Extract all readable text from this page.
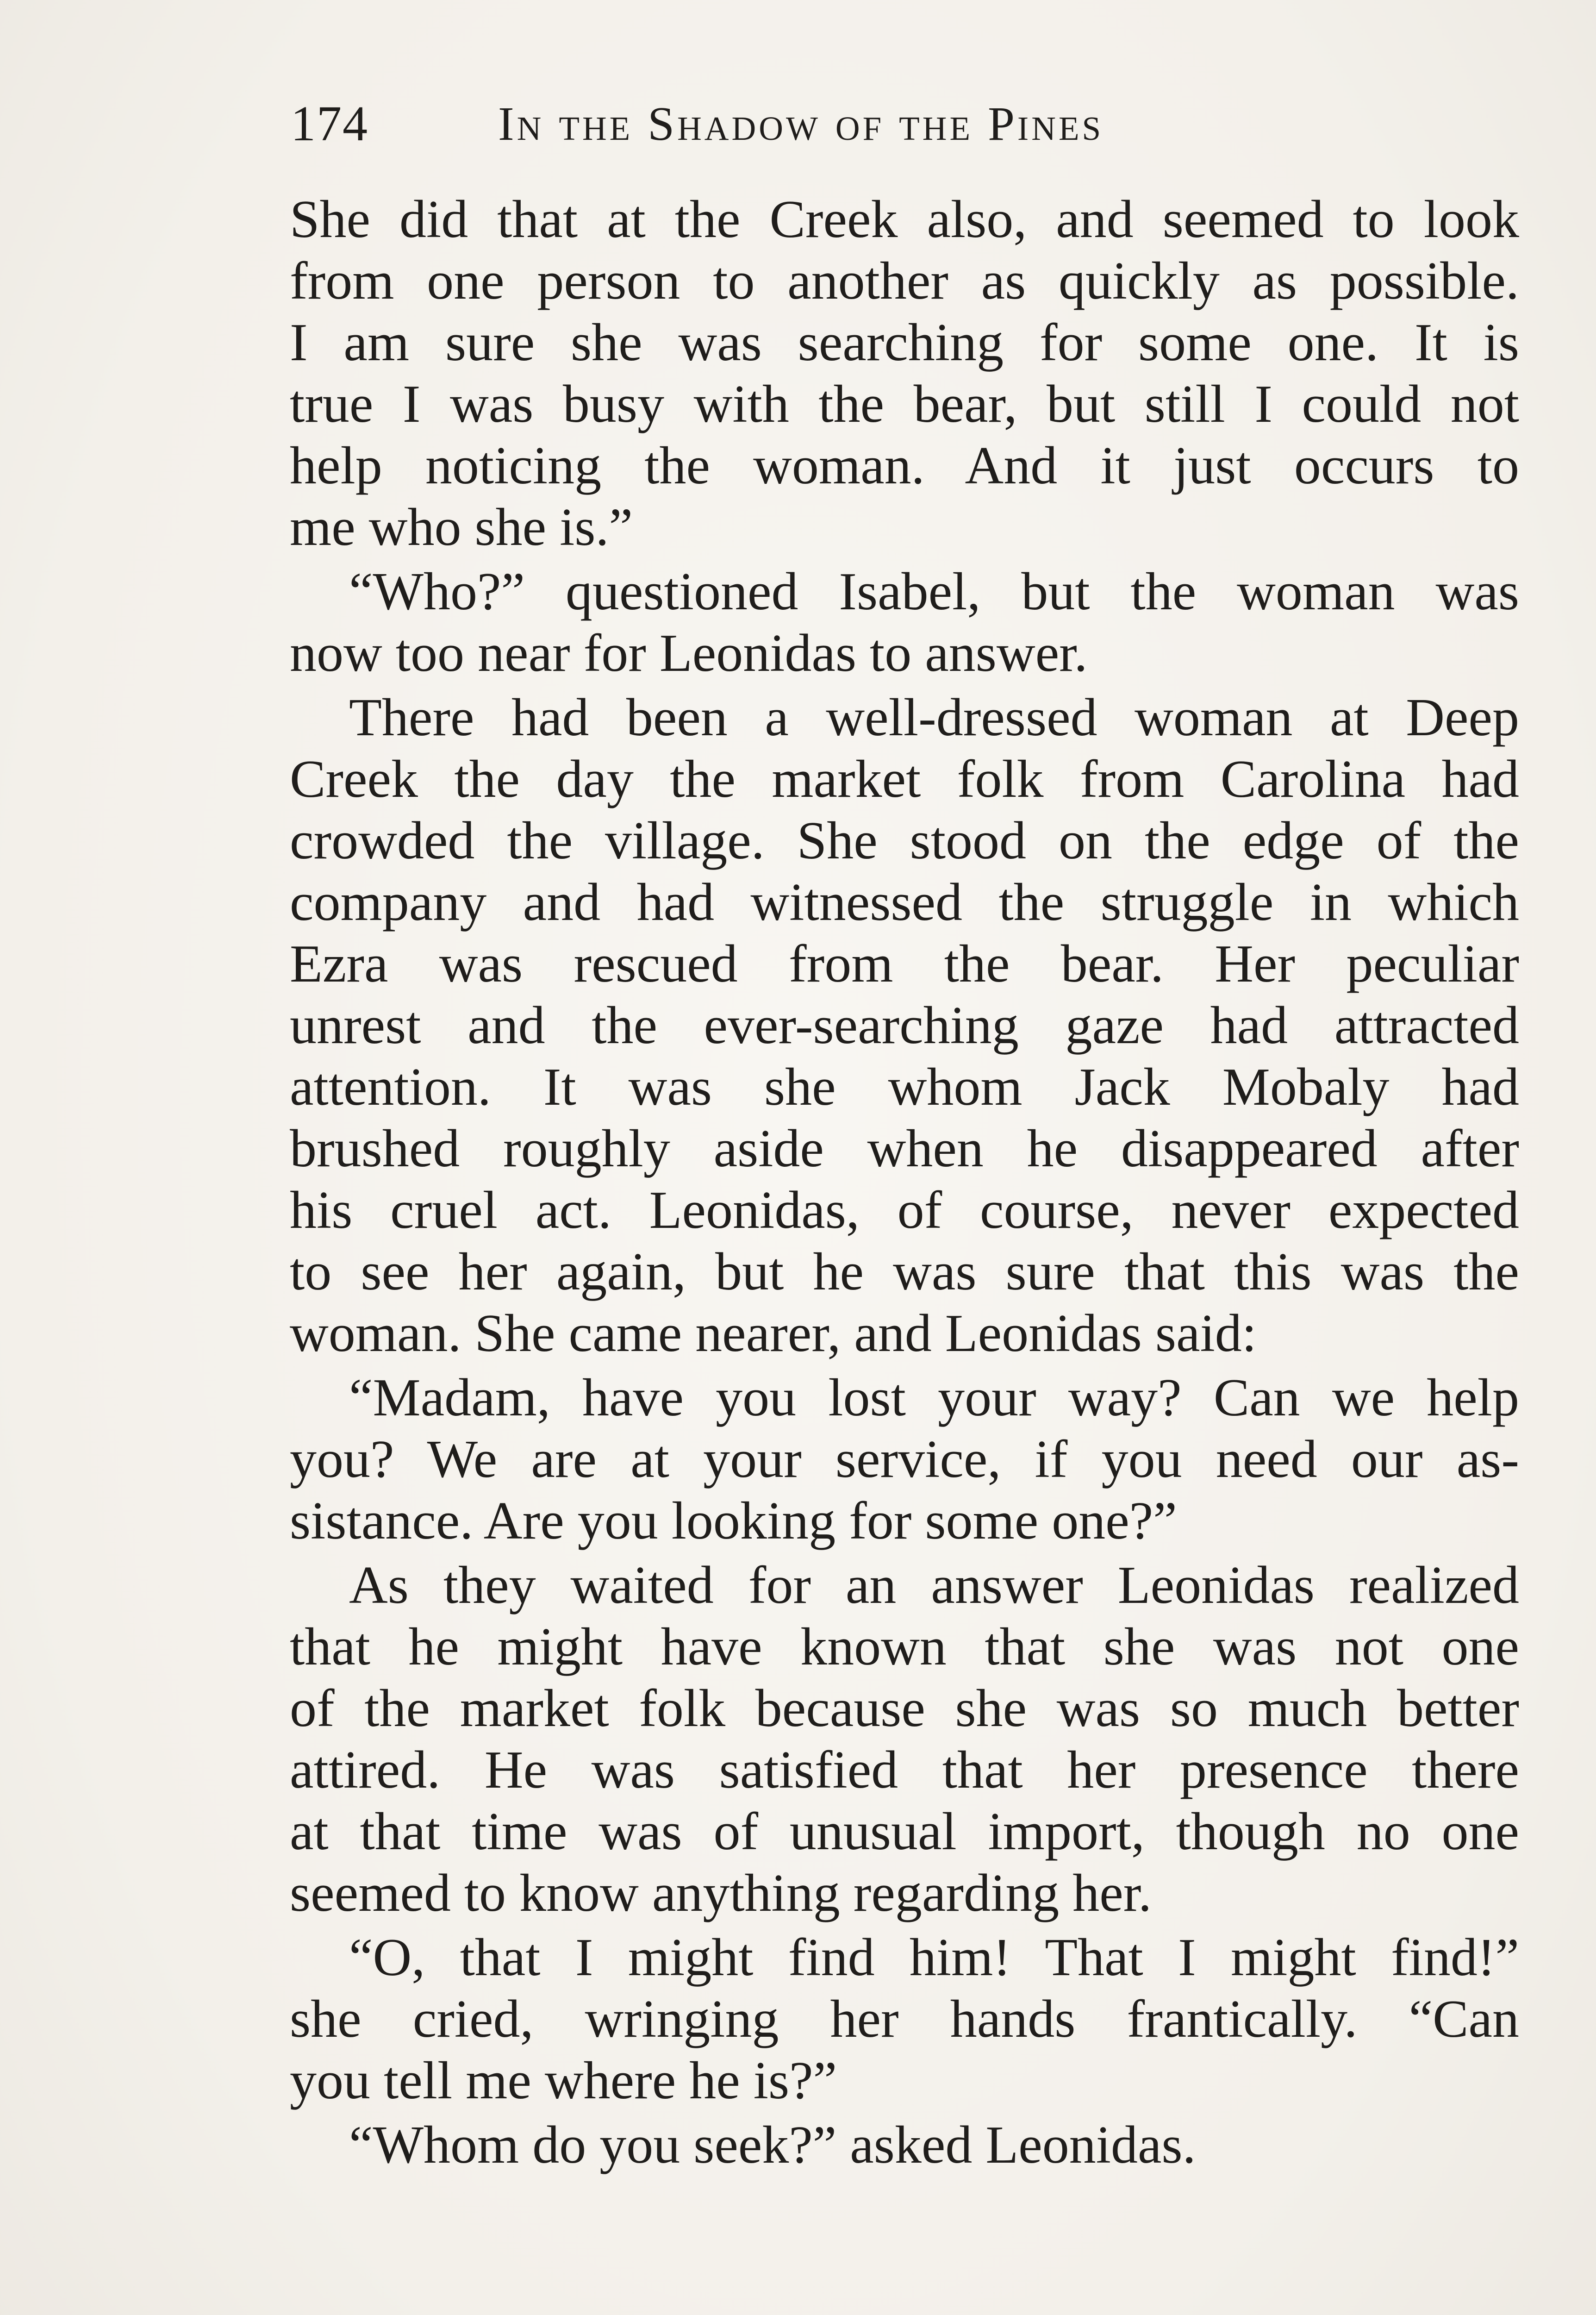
174	In the Shadow of the Pines
She did that at the Creek also, and seemed to look
from one person to another as quickly as possible.
I am sure she was searching for some one. It is
true I was busy with the bear, but still I could not
help noticing the woman. And it just occurs to
me who she is.”
“Who?” questioned Isabel, but the woman was
now too near for Leonidas to answer.
There had been a well-dressed woman at Deep
Creek the day the market folk from Carolina had
crowded the village. She stood on the edge of the
company and had witnessed the struggle in which
Ezra was rescued from the bear. Her peculiar
unrest and the ever-searching gaze had attracted
attention. It was she whom Jack Mobaly had
brushed roughly aside when he disappeared after
his cruel act. Leonidas, of course, never expected
to see her again, but he was sure that this was the
woman. She came nearer, and Leonidas said:
“Madam, have you lost your way? Can we help
you? We are at your service, if you need our as-
sistance. Are you looking for some one?”
As they waited for an answer Leonidas realized
that he might have known that she was not one
of the market folk because she was so much better
attired. He was satisfied that her presence there
at that time was of unusual import, though no one
seemed to know anything regarding her.
“O, that I might find him! That I might find!”
she cried, wringing her hands frantically. “Can
you tell me where he is?”
“Whom do you seek?” asked Leonidas.
